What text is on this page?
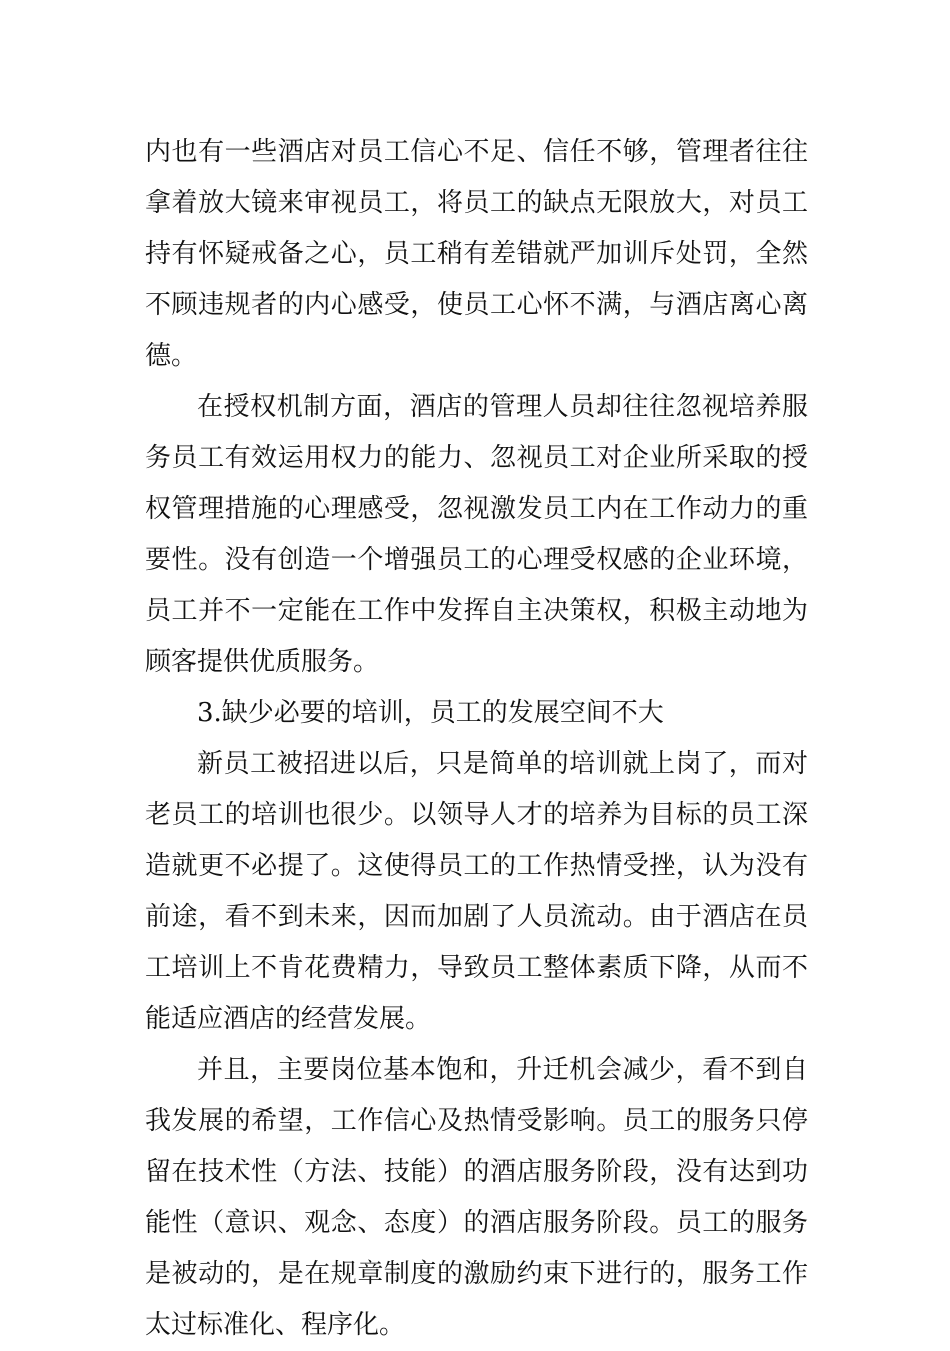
内也有一些酒店对员工信心不足、信任不够，管理者往往拿着放大镜来审视员工，将员工的缺点无限放大，对员工持有怀疑戒备之心，员工稍有差错就严加训斥处罚，全然不顾违规者的内心感受，使员工心怀不满，与酒店离心离德。

在授权机制方面，酒店的管理人员却往往忽视培养服务员工有效运用权力的能力、忽视员工对企业所采取的授权管理措施的心理感受，忽视激发员工内在工作动力的重要性。没有创造一个增强员工的心理受权感的企业环境，员工并不一定能在工作中发挥自主决策权，积极主动地为顾客提供优质服务。

3.缺少必要的培训，员工的发展空间不大

新员工被招进以后，只是简单的培训就上岗了，而对老员工的培训也很少。以领导人才的培养为目标的员工深造就更不必提了。这使得员工的工作热情受挫，认为没有前途，看不到未来，因而加剧了人员流动。由于酒店在员工培训上不肯花费精力，导致员工整体素质下降，从而不能适应酒店的经营发展。

并且，主要岗位基本饱和，升迁机会减少，看不到自我发展的希望，工作信心及热情受影响。员工的服务只停留在技术性（方法、技能）的酒店服务阶段，没有达到功能性（意识、观念、态度）的酒店服务阶段。员工的服务是被动的，是在规章制度的激励约束下进行的，服务工作太过标准化、程序化。
